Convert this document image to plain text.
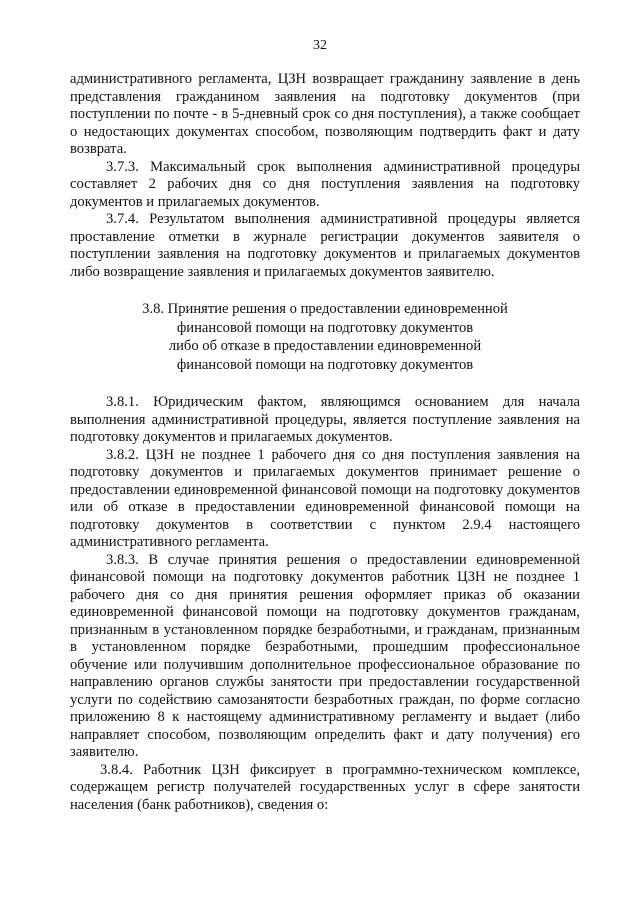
32

административного регламента, ЦЗН возвращает гражданину заявление в день представления гражданином заявления на подготовку документов (при поступлении по почте - в 5-дневный срок со дня поступления), а также сообщает о недостающих документах способом, позволяющим подтвердить факт и дату возврата.

3.7.3. Максимальный срок выполнения административной процедуры составляет 2 рабочих дня со дня поступления заявления на подготовку документов и прилагаемых документов.

3.7.4. Результатом выполнения административной процедуры является проставление отметки в журнале регистрации документов заявителя о поступлении заявления на подготовку документов и прилагаемых документов либо возвращение заявления и прилагаемых документов заявителю.

3.8. Принятие решения о предоставлении единовременной
финансовой помощи на подготовку документов
либо об отказе в предоставлении единовременной
финансовой помощи на подготовку документов

3.8.1. Юридическим фактом, являющимся основанием для начала выполнения административной процедуры, является поступление заявления на подготовку документов и прилагаемых документов.

3.8.2. ЦЗН не позднее 1 рабочего дня со дня поступления заявления на подготовку документов и прилагаемых документов принимает решение о предоставлении единовременной финансовой помощи на подготовку документов или об отказе в предоставлении единовременной финансовой помощи на подготовку документов в соответствии с пунктом 2.9.4 настоящего административного регламента.

3.8.3. В случае принятия решения о предоставлении единовременной финансовой помощи на подготовку документов работник ЦЗН не позднее 1 рабочего дня со дня принятия решения оформляет приказ об оказании единовременной финансовой помощи на подготовку документов гражданам, признанным в установленном порядке безработными, и гражданам, признанным в установленном порядке безработными, прошедшим профессиональное обучение или получившим дополнительное профессиональное образование по направлению органов службы занятости при предоставлении государственной услуги по содействию самозанятости безработных граждан, по форме согласно приложению 8 к настоящему административному регламенту и выдает (либо направляет способом, позволяющим определить факт и дату получения) его заявителю.

3.8.4. Работник ЦЗН фиксирует в программно-техническом комплексе, содержащем регистр получателей государственных услуг в сфере занятости населения (банк работников), сведения о:
